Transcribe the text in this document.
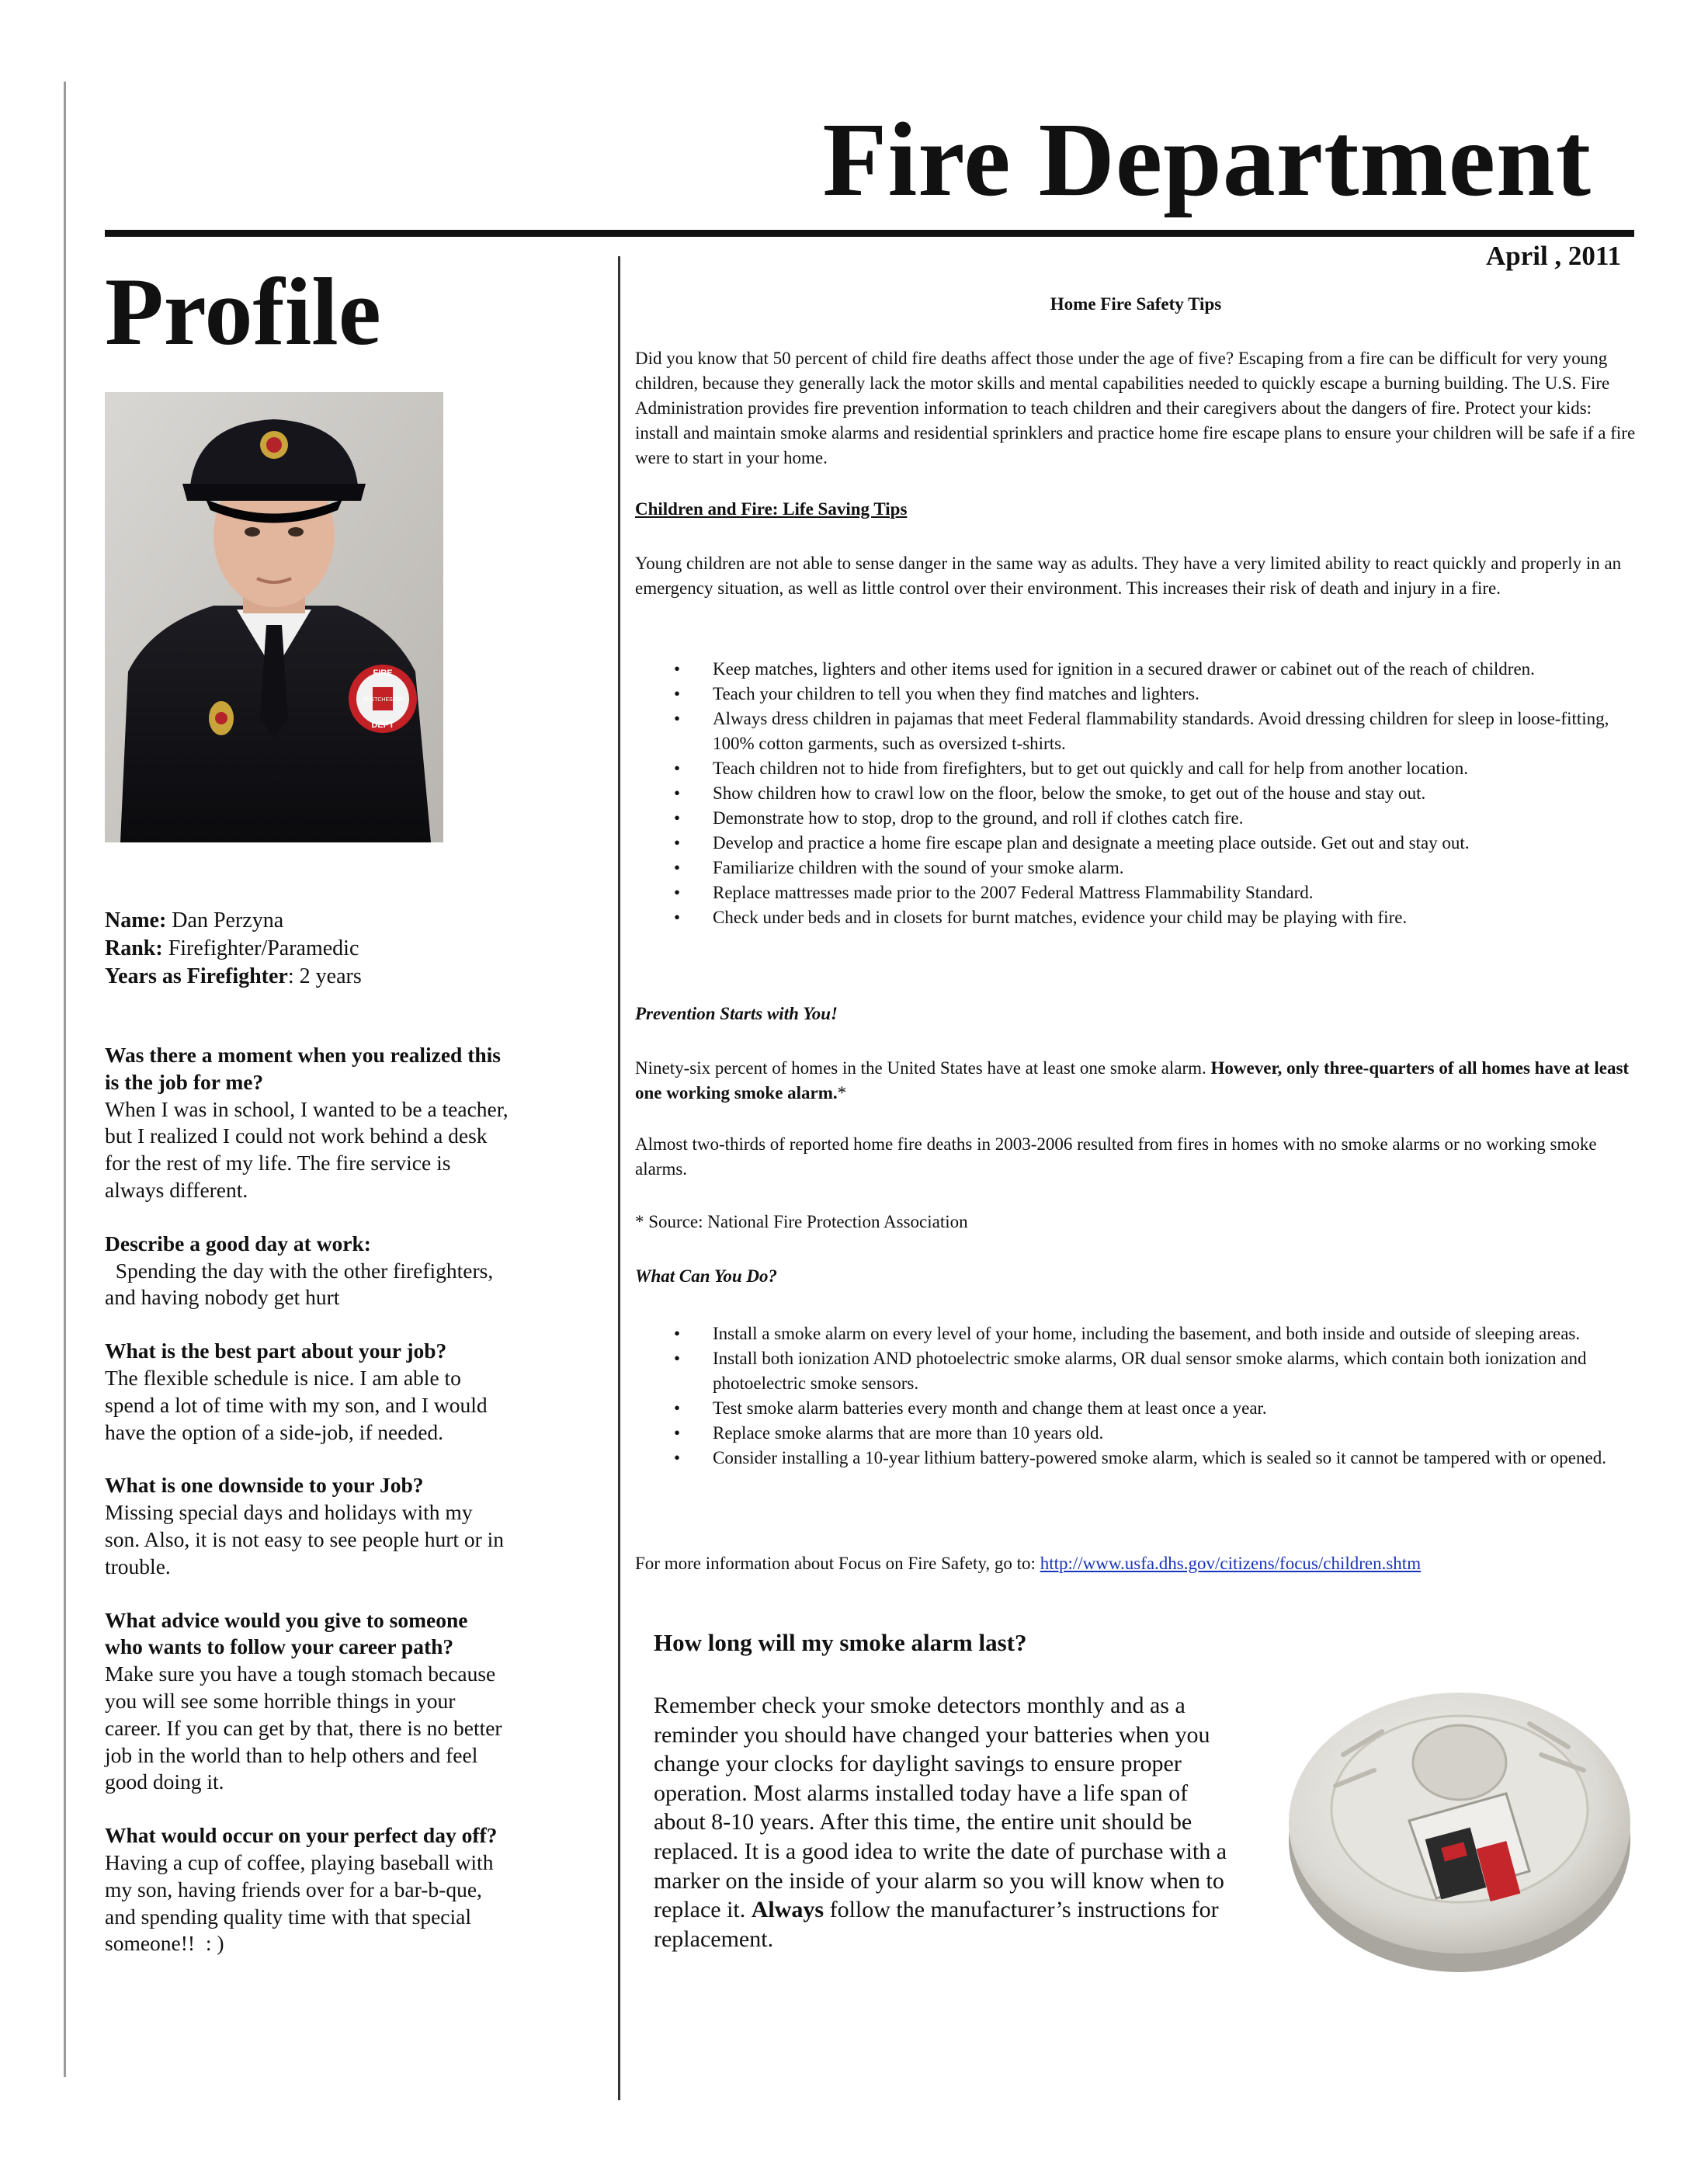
Fire Department
April , 2011
Profile
FIRE
WESTCHESTER
DEPT
Name: Dan Perzyna
Rank: Firefighter/Paramedic
Years as Firefighter: 2 years
Was there a moment when you realized this is the job for me?
When I was in school, I wanted to be a teacher, but I realized I could not work behind a desk for the rest of my life. The fire service is always different.
Describe a good day at work:
Spending the day with the other firefighters, and having nobody get hurt
What is the best part about your job?
The flexible schedule is nice. I am able to spend a lot of time with my son, and I would have the option of a side-job, if needed.
What is one downside to your Job?
Missing special days and holidays with my son. Also, it is not easy to see people hurt or in trouble.
What advice would you give to someone who wants to follow your career path?
Make sure you have a tough stomach because you will see some horrible things in your career. If you can get by that, there is no better job in the world than to help others and feel good doing it.
What would occur on your perfect day off?
Having a cup of coffee, playing baseball with my son, having friends over for a bar-b-que, and spending quality time with that special someone!!  : )
Home Fire Safety Tips
Did you know that 50 percent of child fire deaths affect those under the age of five? Escaping from a fire can be difficult for very young children, because they generally lack the motor skills and mental capabilities needed to quickly escape a burning building. The U.S. Fire Administration provides fire prevention information to teach children and their caregivers about the dangers of fire. Protect your kids: install and maintain smoke alarms and residential sprinklers and practice home fire escape plans to ensure your children will be safe if a fire were to start in your home.
Children and Fire: Life Saving Tips
Young children are not able to sense danger in the same way as adults. They have a very limited ability to react quickly and properly in an emergency situation, as well as little control over their environment. This increases their risk of death and injury in a fire.
• Keep matches, lighters and other items used for ignition in a secured drawer or cabinet out of the reach of children.
• Teach your children to tell you when they find matches and lighters.
• Always dress children in pajamas that meet Federal flammability standards. Avoid dressing children for sleep in loose-fitting, 100% cotton garments, such as oversized t-shirts.
• Teach children not to hide from firefighters, but to get out quickly and call for help from another location.
• Show children how to crawl low on the floor, below the smoke, to get out of the house and stay out.
• Demonstrate how to stop, drop to the ground, and roll if clothes catch fire.
• Develop and practice a home fire escape plan and designate a meeting place outside. Get out and stay out.
• Familiarize children with the sound of your smoke alarm.
• Replace mattresses made prior to the 2007 Federal Mattress Flammability Standard.
• Check under beds and in closets for burnt matches, evidence your child may be playing with fire.
Prevention Starts with You!
Ninety-six percent of homes in the United States have at least one smoke alarm. However, only three-quarters of all homes have at least one working smoke alarm.*
Almost two-thirds of reported home fire deaths in 2003-2006 resulted from fires in homes with no smoke alarms or no working smoke alarms.
* Source: National Fire Protection Association
What Can You Do?
• Install a smoke alarm on every level of your home, including the basement, and both inside and outside of sleeping areas.
• Install both ionization AND photoelectric smoke alarms, OR dual sensor smoke alarms, which contain both ionization and photoelectric smoke sensors.
• Test smoke alarm batteries every month and change them at least once a year.
• Replace smoke alarms that are more than 10 years old.
• Consider installing a 10-year lithium battery-powered smoke alarm, which is sealed so it cannot be tampered with or opened.
For more information about Focus on Fire Safety, go to: http://www.usfa.dhs.gov/citizens/focus/children.shtm
How long will my smoke alarm last?
Remember check your smoke detectors monthly and as a reminder you should have changed your batteries when you change your clocks for daylight savings to ensure proper operation. Most alarms installed today have a life span of about 8-10 years. After this time, the entire unit should be replaced. It is a good idea to write the date of purchase with a marker on the inside of your alarm so you will know when to replace it. Always follow the manufacturer’s instructions for replacement.
